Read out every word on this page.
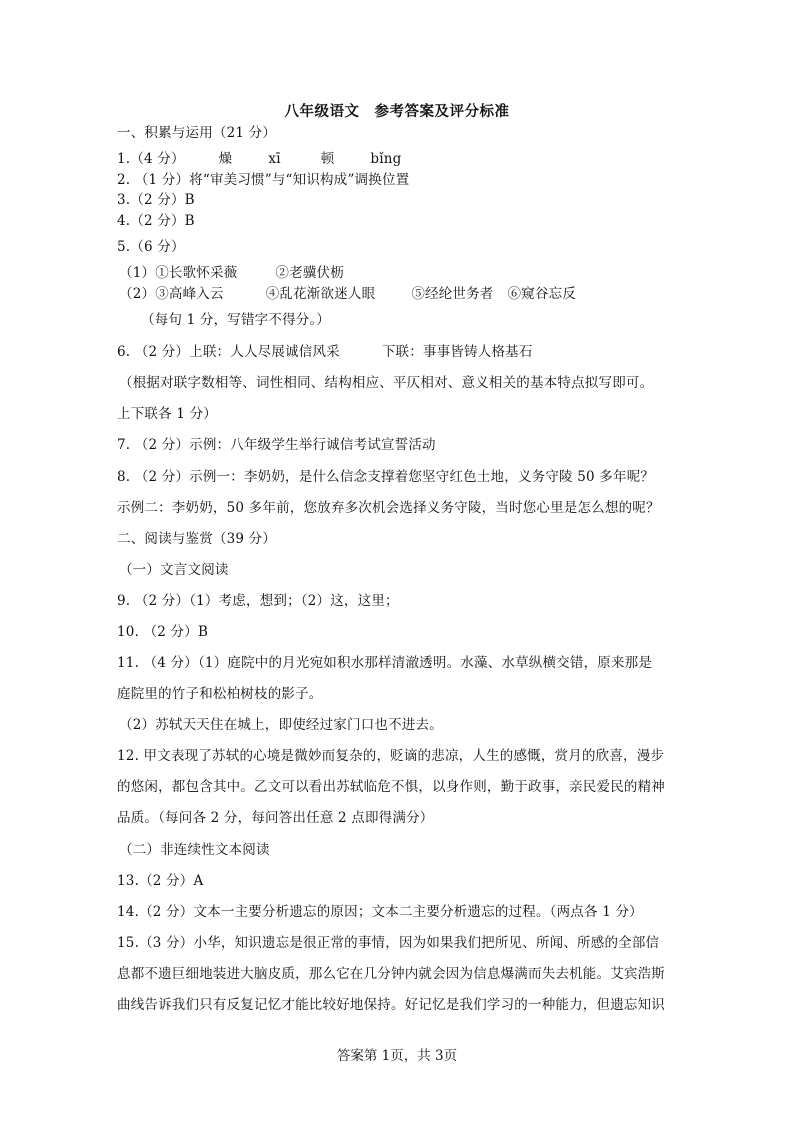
八年级语文　参考答案及评分标准
一、积累与运用（21 分）
1.（4 分）	燥	xī	顿	bǐng
2. （1 分）将“审美习惯”与“知识构成”调换位置
3.（2 分）B
4.（2 分）B
5.（6 分）
（1）①长歌怀采薇	②老骥伏枥
（2）③高峰入云	④乱花渐欲迷人眼	⑤经纶世务者 ⑥窥谷忘反
（每句 1 分，写错字不得分。）
6. （2 分）上联：人人尽展诚信风采	下联：事事皆铸人格基石
（根据对联字数相等、词性相同、结构相应、平仄相对、意义相关的基本特点拟写即可。
上下联各 1 分）
7. （2 分）示例：八年级学生举行诚信考试宣誓活动
8. （2 分）示例一：李奶奶，是什么信念支撑着您坚守红色土地，义务守陵 50 多年呢？
示例二：李奶奶，50 多年前，您放弃多次机会选择义务守陵，当时您心里是怎么想的呢？
二、阅读与鉴赏（39 分）
（一）文言文阅读
9. （2 分）（1）考虑，想到；（2）这，这里；
10. （2 分）B
11. （4 分）（1）庭院中的月光宛如积水那样清澈透明。水藻、水草纵横交错，原来那是
庭院里的竹子和松柏树枝的影子。
（2）苏轼天天住在城上，即使经过家门口也不进去。
12. 甲文表现了苏轼的心境是微妙而复杂的，贬谪的悲凉，人生的感慨，赏月的欣喜，漫步
的悠闲，都包含其中。乙文可以看出苏轼临危不惧，以身作则，勤于政事，亲民爱民的精神
品质。（每问各 2 分，每问答出任意 2 点即得满分）
（二）非连续性文本阅读
13.（2 分）A
14.（2 分）文本一主要分析遗忘的原因；文本二主要分析遗忘的过程。（两点各 1 分）
15.（3 分）小华，知识遗忘是很正常的事情，因为如果我们把所见、所闻、所感的全部信
息都不遗巨细地装进大脑皮质，那么它在几分钟内就会因为信息爆满而失去机能。艾宾浩斯
曲线告诉我们只有反复记忆才能比较好地保持。好记忆是我们学习的一种能力，但遗忘知识
答案第 1页，共 3页
